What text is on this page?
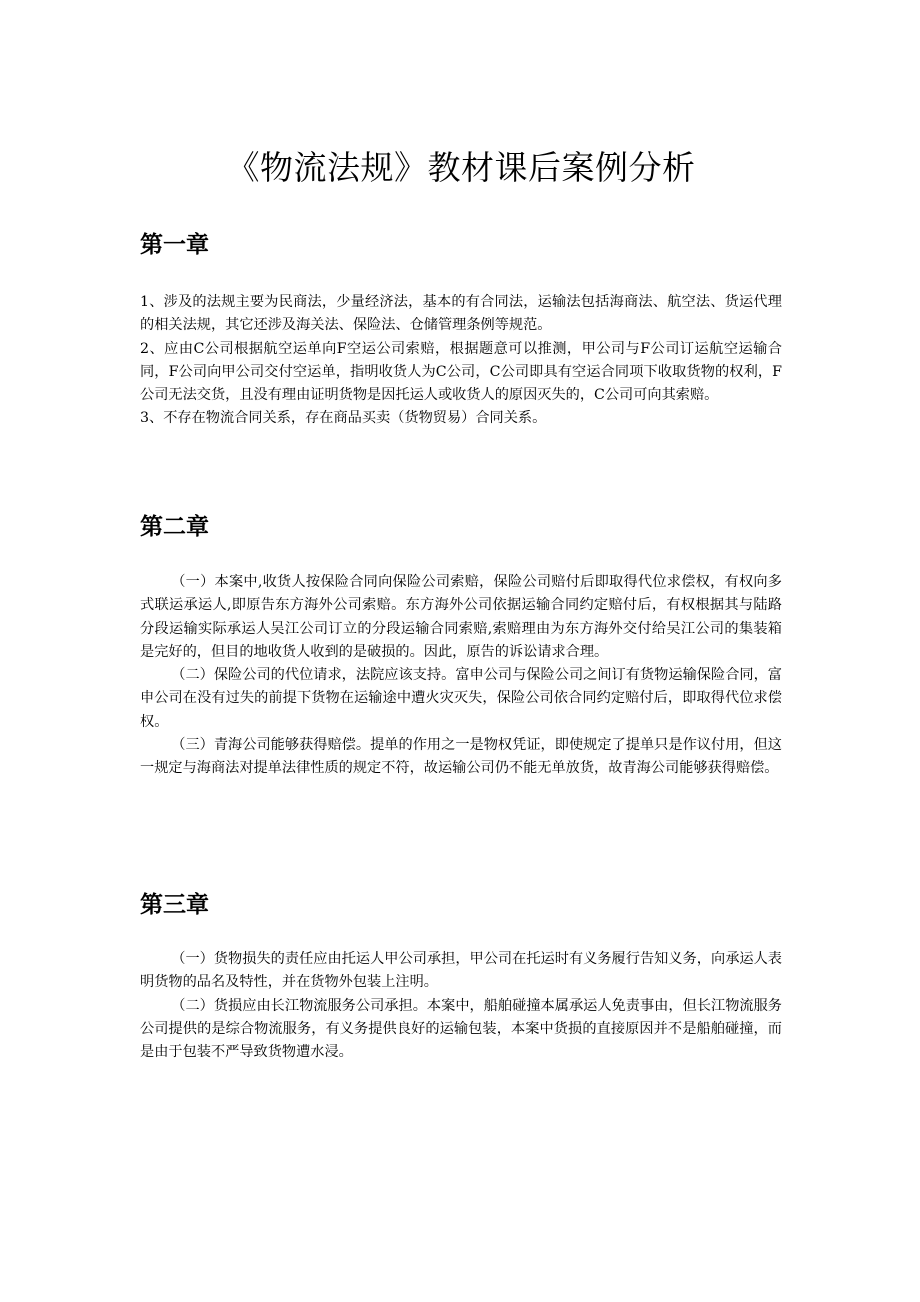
《物流法规》教材课后案例分析
第一章

1、涉及的法规主要为民商法，少量经济法，基本的有合同法，运输法包括海商法、航空法、货运代理的相关法规，其它还涉及海关法、保险法、仓储管理条例等规范。

2、应由C公司根据航空运单向F空运公司索赔，根据题意可以推测，甲公司与F公司订运航空运输合同，F公司向甲公司交付空运单，指明收货人为C公司，C公司即具有空运合同项下收取货物的权利，F公司无法交货，且没有理由证明货物是因托运人或收货人的原因灭失的，C公司可向其索赔。

3、不存在物流合同关系，存在商品买卖（货物贸易）合同关系。

第二章

（一）本案中,收货人按保险合同向保险公司索赔，保险公司赔付后即取得代位求偿权，有权向多式联运承运人,即原告东方海外公司索赔。东方海外公司依据运输合同约定赔付后，有权根据其与陆路分段运输实际承运人吴江公司订立的分段运输合同索赔,索赔理由为东方海外交付给吴江公司的集装箱是完好的，但目的地收货人收到的是破损的。因此，原告的诉讼请求合理。

（二）保险公司的代位请求，法院应该支持。富申公司与保险公司之间订有货物运输保险合同，富申公司在没有过失的前提下货物在运输途中遭火灾灭失，保险公司依合同约定赔付后，即取得代位求偿权。

（三）青海公司能够获得赔偿。提单的作用之一是物权凭证，即使规定了提单只是作议付用，但这一规定与海商法对提单法律性质的规定不符，故运输公司仍不能无单放货，故青海公司能够获得赔偿。

第三章

（一）货物损失的责任应由托运人甲公司承担，甲公司在托运时有义务履行告知义务，向承运人表明货物的品名及特性，并在货物外包装上注明。

（二）货损应由长江物流服务公司承担。本案中，船舶碰撞本属承运人免责事由，但长江物流服务公司提供的是综合物流服务，有义务提供良好的运输包装，本案中货损的直接原因并不是船舶碰撞，而是由于包装不严导致货物遭水浸。
